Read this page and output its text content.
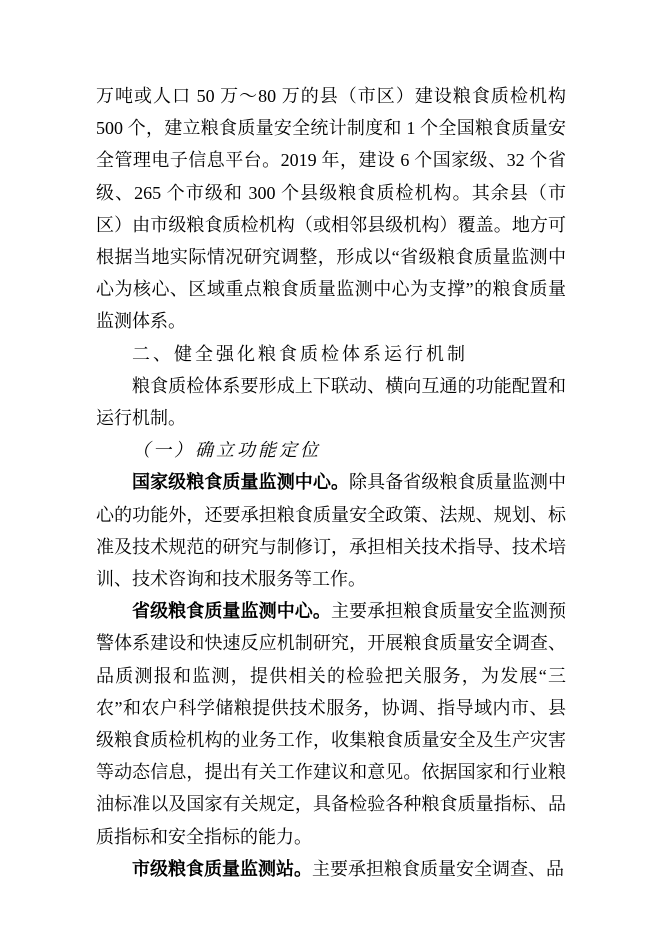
万吨或人口 50 万～80 万的县（市区）建设粮食质检机构 500 个，建立粮食质量安全统计制度和 1 个全国粮食质量安全管理电子信息平台。2019 年，建设 6 个国家级、32 个省级、265 个市级和 300 个县级粮食质检机构。其余县（市区）由市级粮食质检机构（或相邻县级机构）覆盖。地方可根据当地实际情况研究调整，形成以“省级粮食质量监测中心为核心、区域重点粮食质量监测中心为支撑”的粮食质量监测体系。

二、健全强化粮食质检体系运行机制

粮食质检体系要形成上下联动、横向互通的功能配置和运行机制。

（一）确立功能定位

国家级粮食质量监测中心。除具备省级粮食质量监测中心的功能外，还要承担粮食质量安全政策、法规、规划、标准及技术规范的研究与制修订，承担相关技术指导、技术培训、技术咨询和技术服务等工作。

省级粮食质量监测中心。主要承担粮食质量安全监测预警体系建设和快速反应机制研究，开展粮食质量安全调查、品质测报和监测，提供相关的检验把关服务，为发展“三农”和农户科学储粮提供技术服务，协调、指导域内市、县级粮食质检机构的业务工作，收集粮食质量安全及生产灾害等动态信息，提出有关工作建议和意见。依据国家和行业粮油标准以及国家有关规定，具备检验各种粮食质量指标、品质指标和安全指标的能力。

市级粮食质量监测站。主要承担粮食质量安全调查、品
